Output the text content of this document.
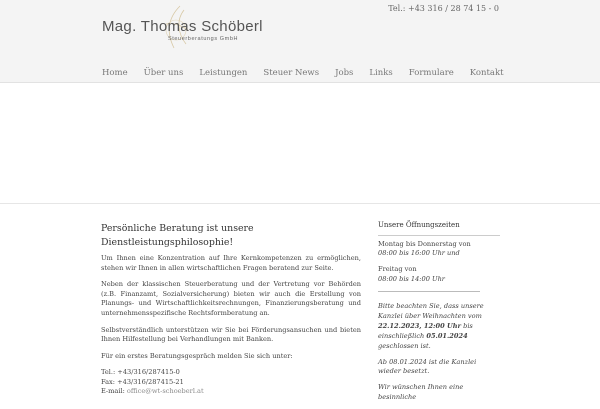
Mag. Thomas Schöberl
Steuerberatungs GmbH
Tel.: +43 316 / 28 74 15 - 0
Home Über uns Leistungen Steuer News Jobs Links Formulare Kontakt
Persönliche Beratung ist unsere Dienstleistungsphilosophie!

Um Ihnen eine Konzentration auf Ihre Kernkompetenzen zu ermöglichen, stehen wir Ihnen in allen wirtschaftlichen Fragen beratend zur Seite.

Neben der klassischen Steuerberatung und der Vertretung vor Behörden (z.B. Finanzamt, Sozialversicherung) bieten wir auch die Erstellung von Planungs- und Wirtschaftlichkeitsrechnungen, Finanzierungsberatung und unternehmensspezifische Rechtsformberatung an.

Selbstverständlich unterstützen wir Sie bei Förderungsansuchen und bieten Ihnen Hilfestellung bei Verhandlungen mit Banken.

Für ein erstes Beratungsgespräch melden Sie sich unter:

Tel.: +43/316/287415-0
Fax: +43/316/287415-21
E-mail: office@wt-schoeberl.at

Unsere Öffnungszeiten
Montag bis Donnerstag von
08:00 bis 16:00 Uhr und
Freitag von
08:00 bis 14:00 Uhr
Bitte beachten Sie, dass unsere Kanzlei über Weihnachten vom 22.12.2023, 12:00 Uhr bis einschließlich 05.01.2024 geschlossen ist.
Ab 08.01.2024 ist die Kanzlei wieder besetzt.
Wir wünschen Ihnen eine besinnliche
